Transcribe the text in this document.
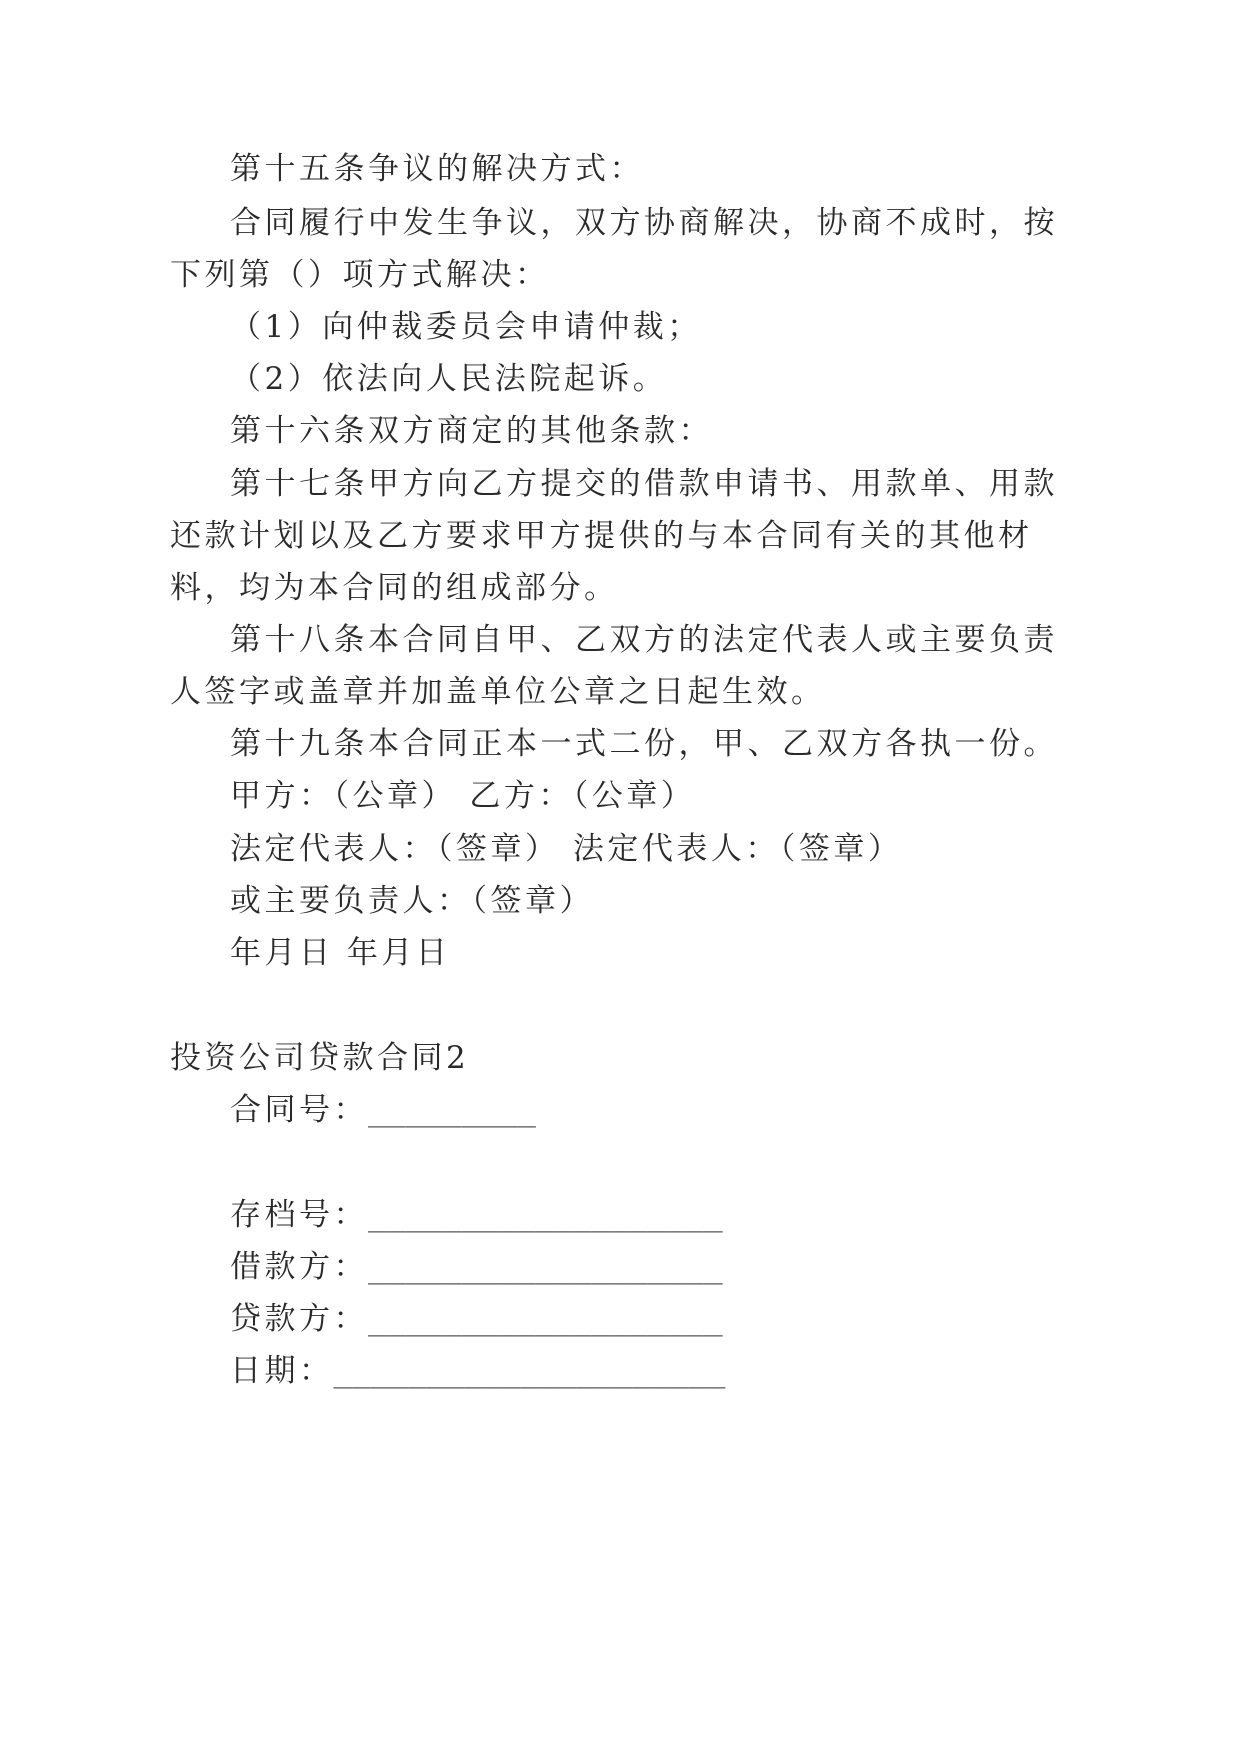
第十五条争议的解决方式：
合同履行中发生争议，双方协商解决，协商不成时，按
下列第（）项方式解决：
（1）向仲裁委员会申请仲裁；
（2）依法向人民法院起诉。
第十六条双方商定的其他条款：
第十七条甲方向乙方提交的借款申请书、用款单、用款
还款计划以及乙方要求甲方提供的与本合同有关的其他材
料，均为本合同的组成部分。
第十八条本合同自甲、乙双方的法定代表人或主要负责
人签字或盖章并加盖单位公章之日起生效。
第十九条本合同正本一式二份，甲、乙双方各执一份。
甲方：（公章） 乙方：（公章）
法定代表人：（签章） 法定代表人：（签章）
或主要负责人：（签章）
年月日 年月日
投资公司贷款合同2
合同号：_________
存档号：___________________
借款方：___________________
贷款方：___________________
日期：_____________________
